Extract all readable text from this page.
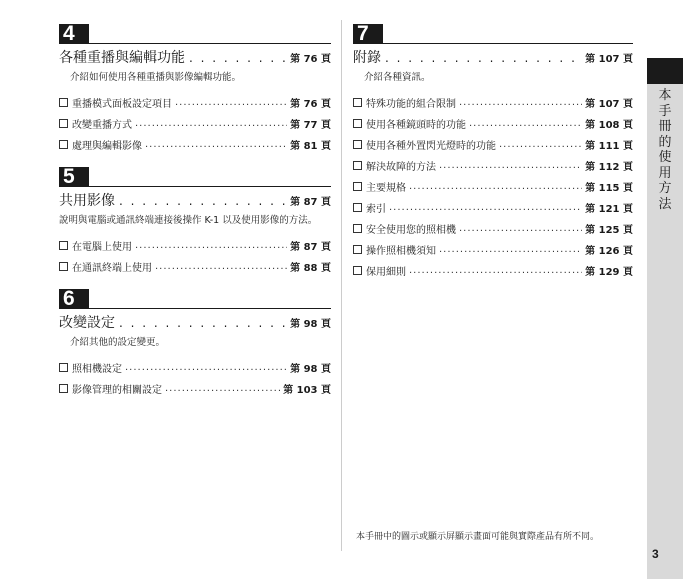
4
各種重播與編輯功能 . . .	第 76 頁
介紹如何使用各種重播與影像編輯功能。
重播模式面板設定項目 .....	第 76 頁
改變重播方式 .....	第 77 頁
處理與編輯影像 .....	第 81 頁
5
共用影像 . . .	第 87 頁
說明與電腦或通訊終端連接後操作 K-1 以及使用影像的方法。
在電腦上使用 .....	第 87 頁
在通訊終端上使用 .....	第 88 頁
6
改變設定 . . .	第 98 頁
介紹其他的設定變更。
照相機設定 .....	第 98 頁
影像管理的相關設定 .....	第 103 頁
7
附錄 . . .	第 107 頁
介紹各種資訊。
特殊功能的組合限制 .....	第 107 頁
使用各種鏡頭時的功能 .....	第 108 頁
使用各種外置閃光燈時的功能 .....	第 111 頁
解決故障的方法 .....	第 112 頁
主要規格 .....	第 115 頁
索引 .....	第 121 頁
安全使用您的照相機 .....	第 125 頁
操作照相機須知 .....	第 126 頁
保用細則 .....	第 129 頁
本手冊中的圖示或顯示屏顯示畫面可能與實際產品有所不同。
本
手
冊
的
使
用
方
法
3
